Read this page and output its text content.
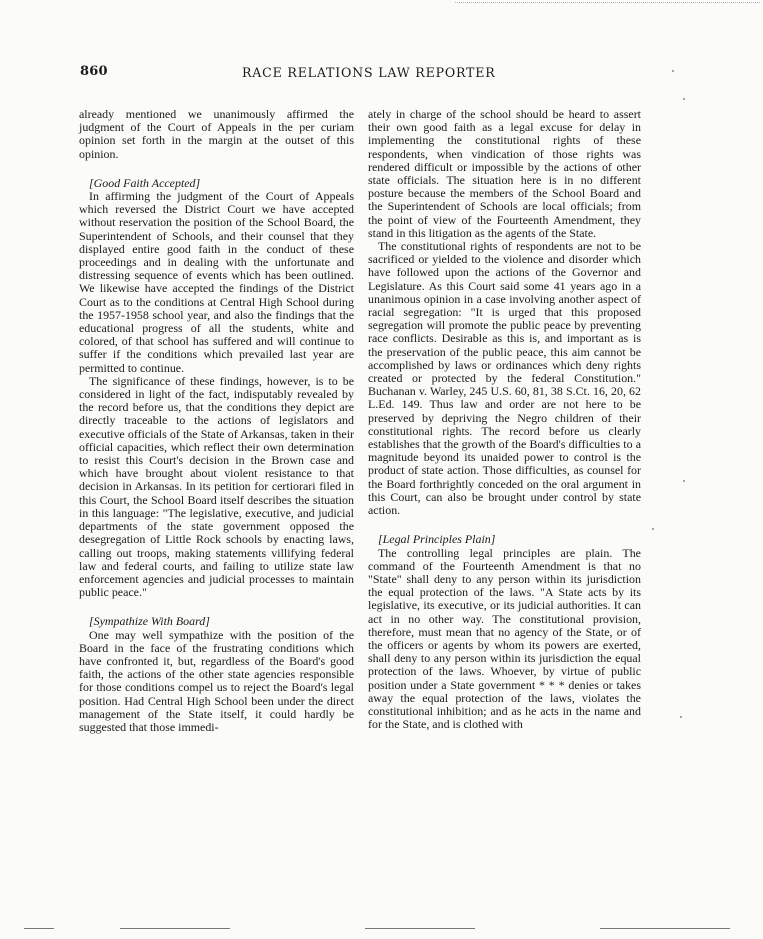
860	RACE RELATIONS LAW REPORTER

already mentioned we unanimously affirmed the judgment of the Court of Appeals in the per curiam opinion set forth in the margin at the outset of this opinion.

[Good Faith Accepted]

In affirming the judgment of the Court of Appeals which reversed the District Court we have accepted without reservation the position of the School Board, the Superintendent of Schools, and their counsel that they displayed entire good faith in the conduct of these proceedings and in dealing with the unfortunate and distressing sequence of events which has been outlined. We likewise have accepted the findings of the District Court as to the conditions at Central High School during the 1957-1958 school year, and also the findings that the educational progress of all the students, white and colored, of that school has suffered and will continue to suffer if the conditions which prevailed last year are permitted to continue.

The significance of these findings, however, is to be considered in light of the fact, indisputably revealed by the record before us, that the conditions they depict are directly traceable to the actions of legislators and executive officials of the State of Arkansas, taken in their official capacities, which reflect their own determination to resist this Court's decision in the Brown case and which have brought about violent resistance to that decision in Arkansas. In its petition for certiorari filed in this Court, the School Board itself describes the situation in this language: "The legislative, executive, and judicial departments of the state government opposed the desegregation of Little Rock schools by enacting laws, calling out troops, making statements villifying federal law and federal courts, and failing to utilize state law enforcement agencies and judicial processes to maintain public peace."

[Sympathize With Board]

One may well sympathize with the position of the Board in the face of the frustrating conditions which have confronted it, but, regardless of the Board's good faith, the actions of the other state agencies responsible for those conditions compel us to reject the Board's legal position. Had Central High School been under the direct management of the State itself, it could hardly be suggested that those immedi-

ately in charge of the school should be heard to assert their own good faith as a legal excuse for delay in implementing the constitutional rights of these respondents, when vindication of those rights was rendered difficult or impossible by the actions of other state officials. The situation here is in no different posture because the members of the School Board and the Superintendent of Schools are local officials; from the point of view of the Fourteenth Amendment, they stand in this litigation as the agents of the State.

The constitutional rights of respondents are not to be sacrificed or yielded to the violence and disorder which have followed upon the actions of the Governor and Legislature. As this Court said some 41 years ago in a unanimous opinion in a case involving another aspect of racial segregation: "It is urged that this proposed segregation will promote the public peace by preventing race conflicts. Desirable as this is, and important as is the preservation of the public peace, this aim cannot be accomplished by laws or ordinances which deny rights created or protected by the federal Constitution." Buchanan v. Warley, 245 U.S. 60, 81, 38 S.Ct. 16, 20, 62 L.Ed. 149. Thus law and order are not here to be preserved by depriving the Negro children of their constitutional rights. The record before us clearly establishes that the growth of the Board's difficulties to a magnitude beyond its unaided power to control is the product of state action. Those difficulties, as counsel for the Board forthrightly conceded on the oral argument in this Court, can also be brought under control by state action.

[Legal Principles Plain]

The controlling legal principles are plain. The command of the Fourteenth Amendment is that no "State" shall deny to any person within its jurisdiction the equal protection of the laws. "A State acts by its legislative, its executive, or its judicial authorities. It can act in no other way. The constitutional provision, therefore, must mean that no agency of the State, or of the officers or agents by whom its powers are exerted, shall deny to any person within its jurisdiction the equal protection of the laws. Whoever, by virtue of public position under a State government * * * denies or takes away the equal protection of the laws, violates the constitutional inhibition; and as he acts in the name and for the State, and is clothed with
